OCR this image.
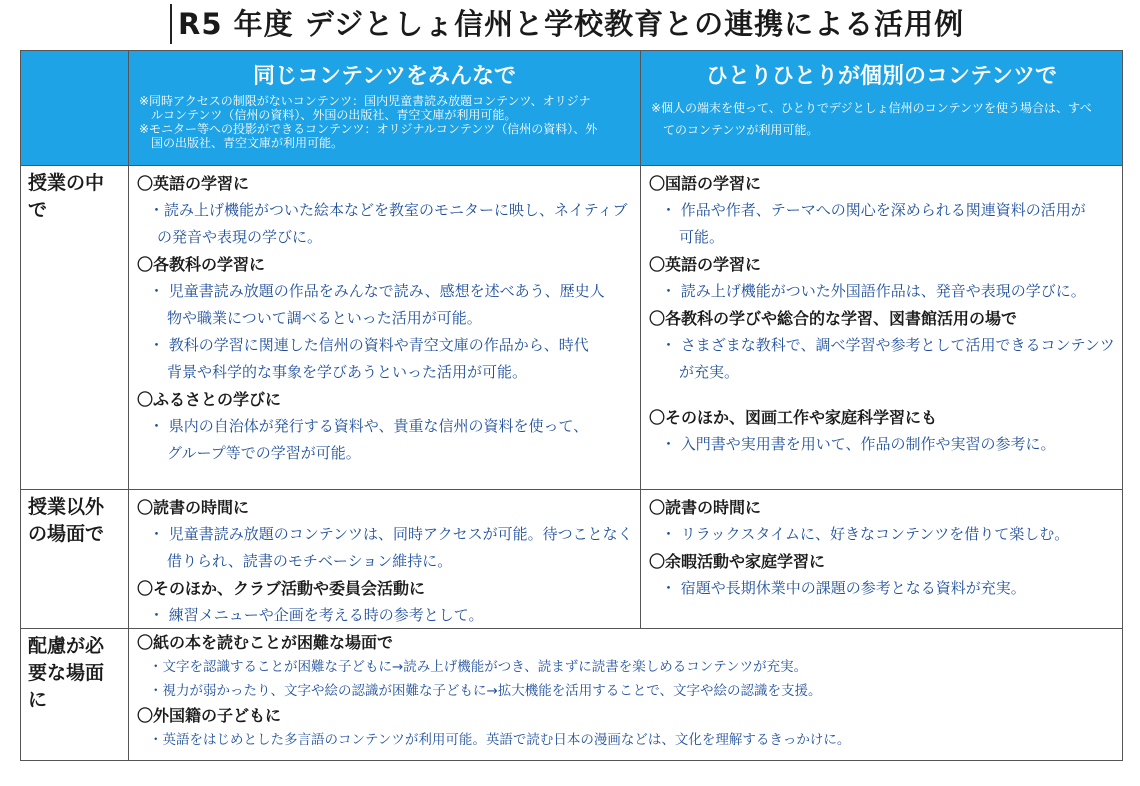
R5 年度 デジとしょ信州と学校教育との連携による活用例
同じコンテンツをみんなで

※同時アクセスの制限がないコンテンツ：国内児童書読み放題コンテンツ、オリジナ

ルコンテンツ（信州の資料）、外国の出版社、青空文庫が利用可能。

※モニター等への投影ができるコンテンツ：オリジナルコンテンツ（信州の資料）、外

国の出版社、青空文庫が利用可能。

ひとりひとりが個別のコンテンツで

※個人の端末を使って、ひとりでデジとしょ信州のコンテンツを使う場合は、すべ

てのコンテンツが利用可能。

授業の中
で

〇英語の学習に

・読み上げ機能がついた絵本などを教室のモニターに映し、ネイティブ

の発音や表現の学びに。

〇各教科の学習に

・ 児童書読み放題の作品をみんなで読み、感想を述べあう、歴史人

物や職業について調べるといった活用が可能。

・ 教科の学習に関連した信州の資料や青空文庫の作品から、時代

背景や科学的な事象を学びあうといった活用が可能。

〇ふるさとの学びに

・ 県内の自治体が発行する資料や、貴重な信州の資料を使って、

グループ等での学習が可能。

〇国語の学習に

・ 作品や作者、テーマへの関心を深められる関連資料の活用が

可能。

〇英語の学習に

・ 読み上げ機能がついた外国語作品は、発音や表現の学びに。

〇各教科の学びや総合的な学習、図書館活用の場で

・ さまざまな教科で、調べ学習や参考として活用できるコンテンツ

が充実。

〇そのほか、図画工作や家庭科学習にも

・ 入門書や実用書を用いて、作品の制作や実習の参考に。

授業以外
の場面で

〇読書の時間に

・ 児童書読み放題のコンテンツは、同時アクセスが可能。待つことなく

借りられ、読書のモチベーション維持に。

〇そのほか、クラブ活動や委員会活動に

・ 練習メニューや企画を考える時の参考として。

〇読書の時間に

・ リラックスタイムに、好きなコンテンツを借りて楽しむ。

〇余暇活動や家庭学習に

・ 宿題や長期休業中の課題の参考となる資料が充実。

配慮が必
要な場面
に

〇紙の本を読むことが困難な場面で

・文字を認識することが困難な子どもに→読み上げ機能がつき、読まずに読書を楽しめるコンテンツが充実。

・視力が弱かったり、文字や絵の認識が困難な子どもに→拡大機能を活用することで、文字や絵の認識を支援。

〇外国籍の子どもに

・英語をはじめとした多言語のコンテンツが利用可能。英語で読む日本の漫画などは、文化を理解するきっかけに。
